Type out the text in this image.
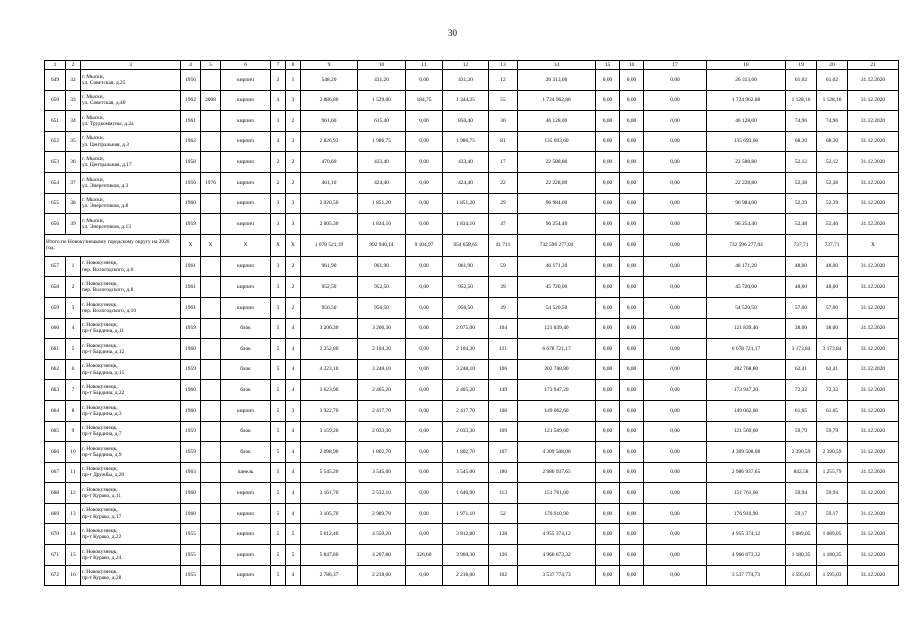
30
1	2	3	4	5	6	7	8	9	10	11	12	13	14	15	16	17	18	19	20	21
649	32	г. Мыски,
ул. Советская, д.25	1956		кирпич	2	1	548,20	431,20	0,00	431,20	12	26 313,60	0,00	0,00	0,00	26 313,60	61,02	61,02	31.12.2020
650	33	г. Мыски,
ул. Советская, д.40	1962	2008	кирпич	4	3	2 886,80	1 529,00	184,75	1 344,25	55	1 724 962,88	0,00	0,00	0,00	1 724 962,88	1 128,16	1 128,16	31.12.2020
651	34	г. Мыски,
ул. Трудкоммуны, д.2а	1961		кирпич	3	2	961,60	615,40	0,00	850,40	30	46 128,00	0,00	0,00	0,00	46 128,00	74,96	74,96	31.12.2020
652	35	г. Мыски,
ул. Центральная, д.3	1962		кирпич	4	3	2 826,93	1 986,75	0,00	1 986,75	81	135 693,60	0,00	0,00	0,00	135 693,60	68,30	68,30	31.12.2020
653	36	г. Мыски,
ул. Центральная, д.17	1958		кирпич	2	2	470,60	433,40	0,00	433,40	17	22 588,80	0,00	0,00	0,00	22 588,80	52,12	52,12	31.12.2020
654	37	г. Мыски,
ул. Энергетиков, д.3	1956	1976	кирпич	2	2	461,10	424,40	0,00	424,40	22	22 228,80	0,00	0,00	0,00	22 228,80	52,38	52,38	31.12.2020
655	38	г. Мыски,
ул. Энергетиков, д.8	1960		кирпич	3	3	2 020,50	1 851,20	0,00	1 851,20	29	96 984,00	0,00	0,00	0,00	96 984,00	52,39	52,39	31.12.2020
656	39	г. Мыски,
ул. Энергетиков, д.13	1959		кирпич	3	3	2 005,30	1 834,10	0,00	1 834,10	47	96 254,40	0,00	0,00	0,00	96 254,40	52,48	52,46	31.12.2020
Итого по Новокузнецкому городскому округу на 2020 год:			X	X	X	X	X	1 078 521,19	992 940,14	9 104,97	954 658,65	41 711	732 596 277,04	0,00	0,00	0,00	732 596 277,04	737,71	737,71	X
657	1	г. Новокузнецк,
пер. Вологодского, д.6	1961		кирпич	3	2	961,90	961,90	0,00	961,90	59	46 171,20	0,00	0,00	0,00	46 171,20	48,00	48,00	31.12.2020
658	2	г. Новокузнецк,
пер. Вологодского, д.8	1961		кирпич	3	2	952,50	952,50	0,00	952,50	39	45 720,00	0,00	0,00	0,00	45 720,00	48,00	48,00	31.12.2020
659	3	г. Новокузнецк,
пер. Вологодского, д.10	1961		кирпич	3	2	956,50	956,50	0,00	956,50	39	54 520,50	0,00	0,00	0,00	54 520,50	57,00	57,00	31.12.2020
660	4	г. Новокузнецк,
пр-т Бардина, д.11	1959		блок	5	4	3 206,30	3 206,30	0,00	2 075,00	104	121 839,40	0,00	0,00	0,00	121 839,40	38,00	38,00	31.12.2020
661	5	г. Новокузнецк,
пр-т Бардина, д.12	1960		блок	5	4	3 252,80	2 104,30	0,00	2 104,30	121	6 678 721,17	0,00	0,00	0,00	6 678 721,17	3 173,84	3 173,84	31.12.2020
662	6	г. Новокузнецк,
пр-т Бардина, д.15	1959		блок	5	4	4 223,10	3 248,10	0,00	3 248,10	106	202 768,80	0,00	0,00	0,00	202 768,80	62,41	62,41	31.12.2020
663	7	г. Новокузнецк,
пр-т Бардина, д.22	1960		блок	5	4	3 623,90	2 405,20	0,00	2 405,20	149	173 947,20	0,00	0,00	0,00	173 947,20	72,32	72,32	31.12.2020
664	8	г. Новокузнецк,
пр-т Бардина, д.3	1960		кирпич	5	3	3 922,70	2 417,70	0,00	2 417,70	108	149 062,60	0,00	0,00	0,00	149 062,60	61,65	61,65	31.12.2020
665	9	г. Новокузнецк,
пр-т Бардина, д.7	1959		блок	5	4	3 159,20	2 033,30	0,00	2 033,30	109	121 569,60	0,00	0,00	0,00	121 569,60	59,79	59,79	31.12.2020
666	10	г. Новокузнецк,
пр-т Бардина, д.9	1959		блок	5	4	2 098,90	1 802,70	0,00	1 802,70	107	4 309 508,08	0,00	0,00	0,00	4 309 508,08	2 390,59	2 390,59	31.12.2020
667	11	г. Новокузнецк,
пр-т Дружбы, д.20	1963		панель	5	4	5 545,20	3 545,00	0,00	3 545,00	180	2 986 937,65	0,00	0,00	0,00	2 986 937,65	842,58	1 255,79	31.12.2020
668	12	г. Новокузнецк,
пр-т Курако, д.11	1960		кирпич	5	4	3 161,70	2 532,10	0,00	1 640,90	113	151 761,60	0,00	0,00	0,00	151 761,60	59,94	59,94	31.12.2020
669	13	г. Новокузнецк,
пр-т Курако, д.17	1960		кирпич	5	4	3 105,70	2 989,70	0,00	1 971,10	52	176 910,90	0,00	0,00	0,00	176 910,90	59,17	59,17	31.12.2020
670	14	г. Новокузнецк,
пр-т Курако, д.22	1955		кирпич	5	5	5 612,40	4 550,20	0,00	3 812,80	128	4 955 374,12	0,00	0,00	0,00	4 955 374,12	1 089,05	1 089,05	31.12.2020
671	15	г. Новокузнецк,
пр-т Курако, д.24	1955		кирпич	5	5	5 847,80	4 207,80	326,60	3 960,30	126	4 966 673,32	0,00	0,00	0,00	4 966 673,32	1 180,35	1 180,35	31.12.2020
672	16	г. Новокузнецк,
пр-т Курако, д.28	1955		кирпич	5	4	2 786,37	2 218,00	0,00	2 218,00	102	3 537 774,73	0,00	0,00	0,00	3 537 774,73	1 595,03	1 595,03	31.12.2020
